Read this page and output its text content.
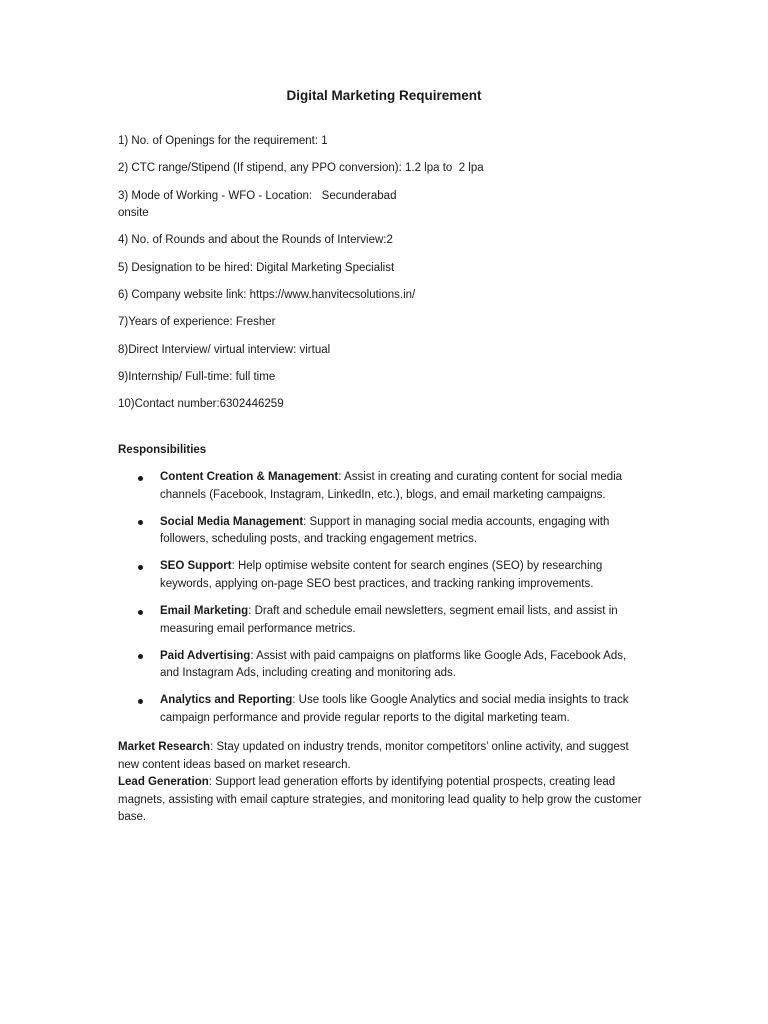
Digital Marketing Requirement
1) No. of Openings for the requirement: 1
2) CTC range/Stipend (If stipend, any PPO conversion): 1.2 lpa to  2 lpa
3) Mode of Working - WFO - Location:   Secunderabad
onsite
4) No. of Rounds and about the Rounds of Interview:2
5) Designation to be hired: Digital Marketing Specialist
6) Company website link: https://www.hanvitecsolutions.in/
7)Years of experience: Fresher
8)Direct Interview/ virtual interview: virtual
9)Internship/ Full-time: full time
10)Contact number:6302446259
Responsibilities
Content Creation & Management: Assist in creating and curating content for social media channels (Facebook, Instagram, LinkedIn, etc.), blogs, and email marketing campaigns.
Social Media Management: Support in managing social media accounts, engaging with followers, scheduling posts, and tracking engagement metrics.
SEO Support: Help optimise website content for search engines (SEO) by researching keywords, applying on-page SEO best practices, and tracking ranking improvements.
Email Marketing: Draft and schedule email newsletters, segment email lists, and assist in measuring email performance metrics.
Paid Advertising: Assist with paid campaigns on platforms like Google Ads, Facebook Ads, and Instagram Ads, including creating and monitoring ads.
Analytics and Reporting: Use tools like Google Analytics and social media insights to track campaign performance and provide regular reports to the digital marketing team.

Market Research: Stay updated on industry trends, monitor competitors’ online activity, and suggest new content ideas based on market research.

Lead Generation: Support lead generation efforts by identifying potential prospects, creating lead magnets, assisting with email capture strategies, and monitoring lead quality to help grow the customer base.
